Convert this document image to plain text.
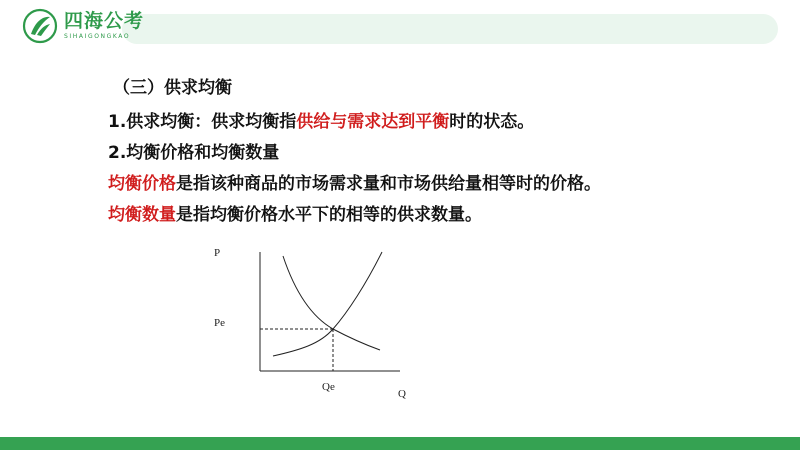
四海公考
SIHAIGONGKAO
（三）供求均衡
1.供求均衡：供求均衡指供给与需求达到平衡时的状态。
2.均衡价格和均衡数量
均衡价格是指该种商品的市场需求量和市场供给量相等时的价格。
均衡数量是指均衡价格水平下的相等的供求数量。
P
Pe
Qe
Q
